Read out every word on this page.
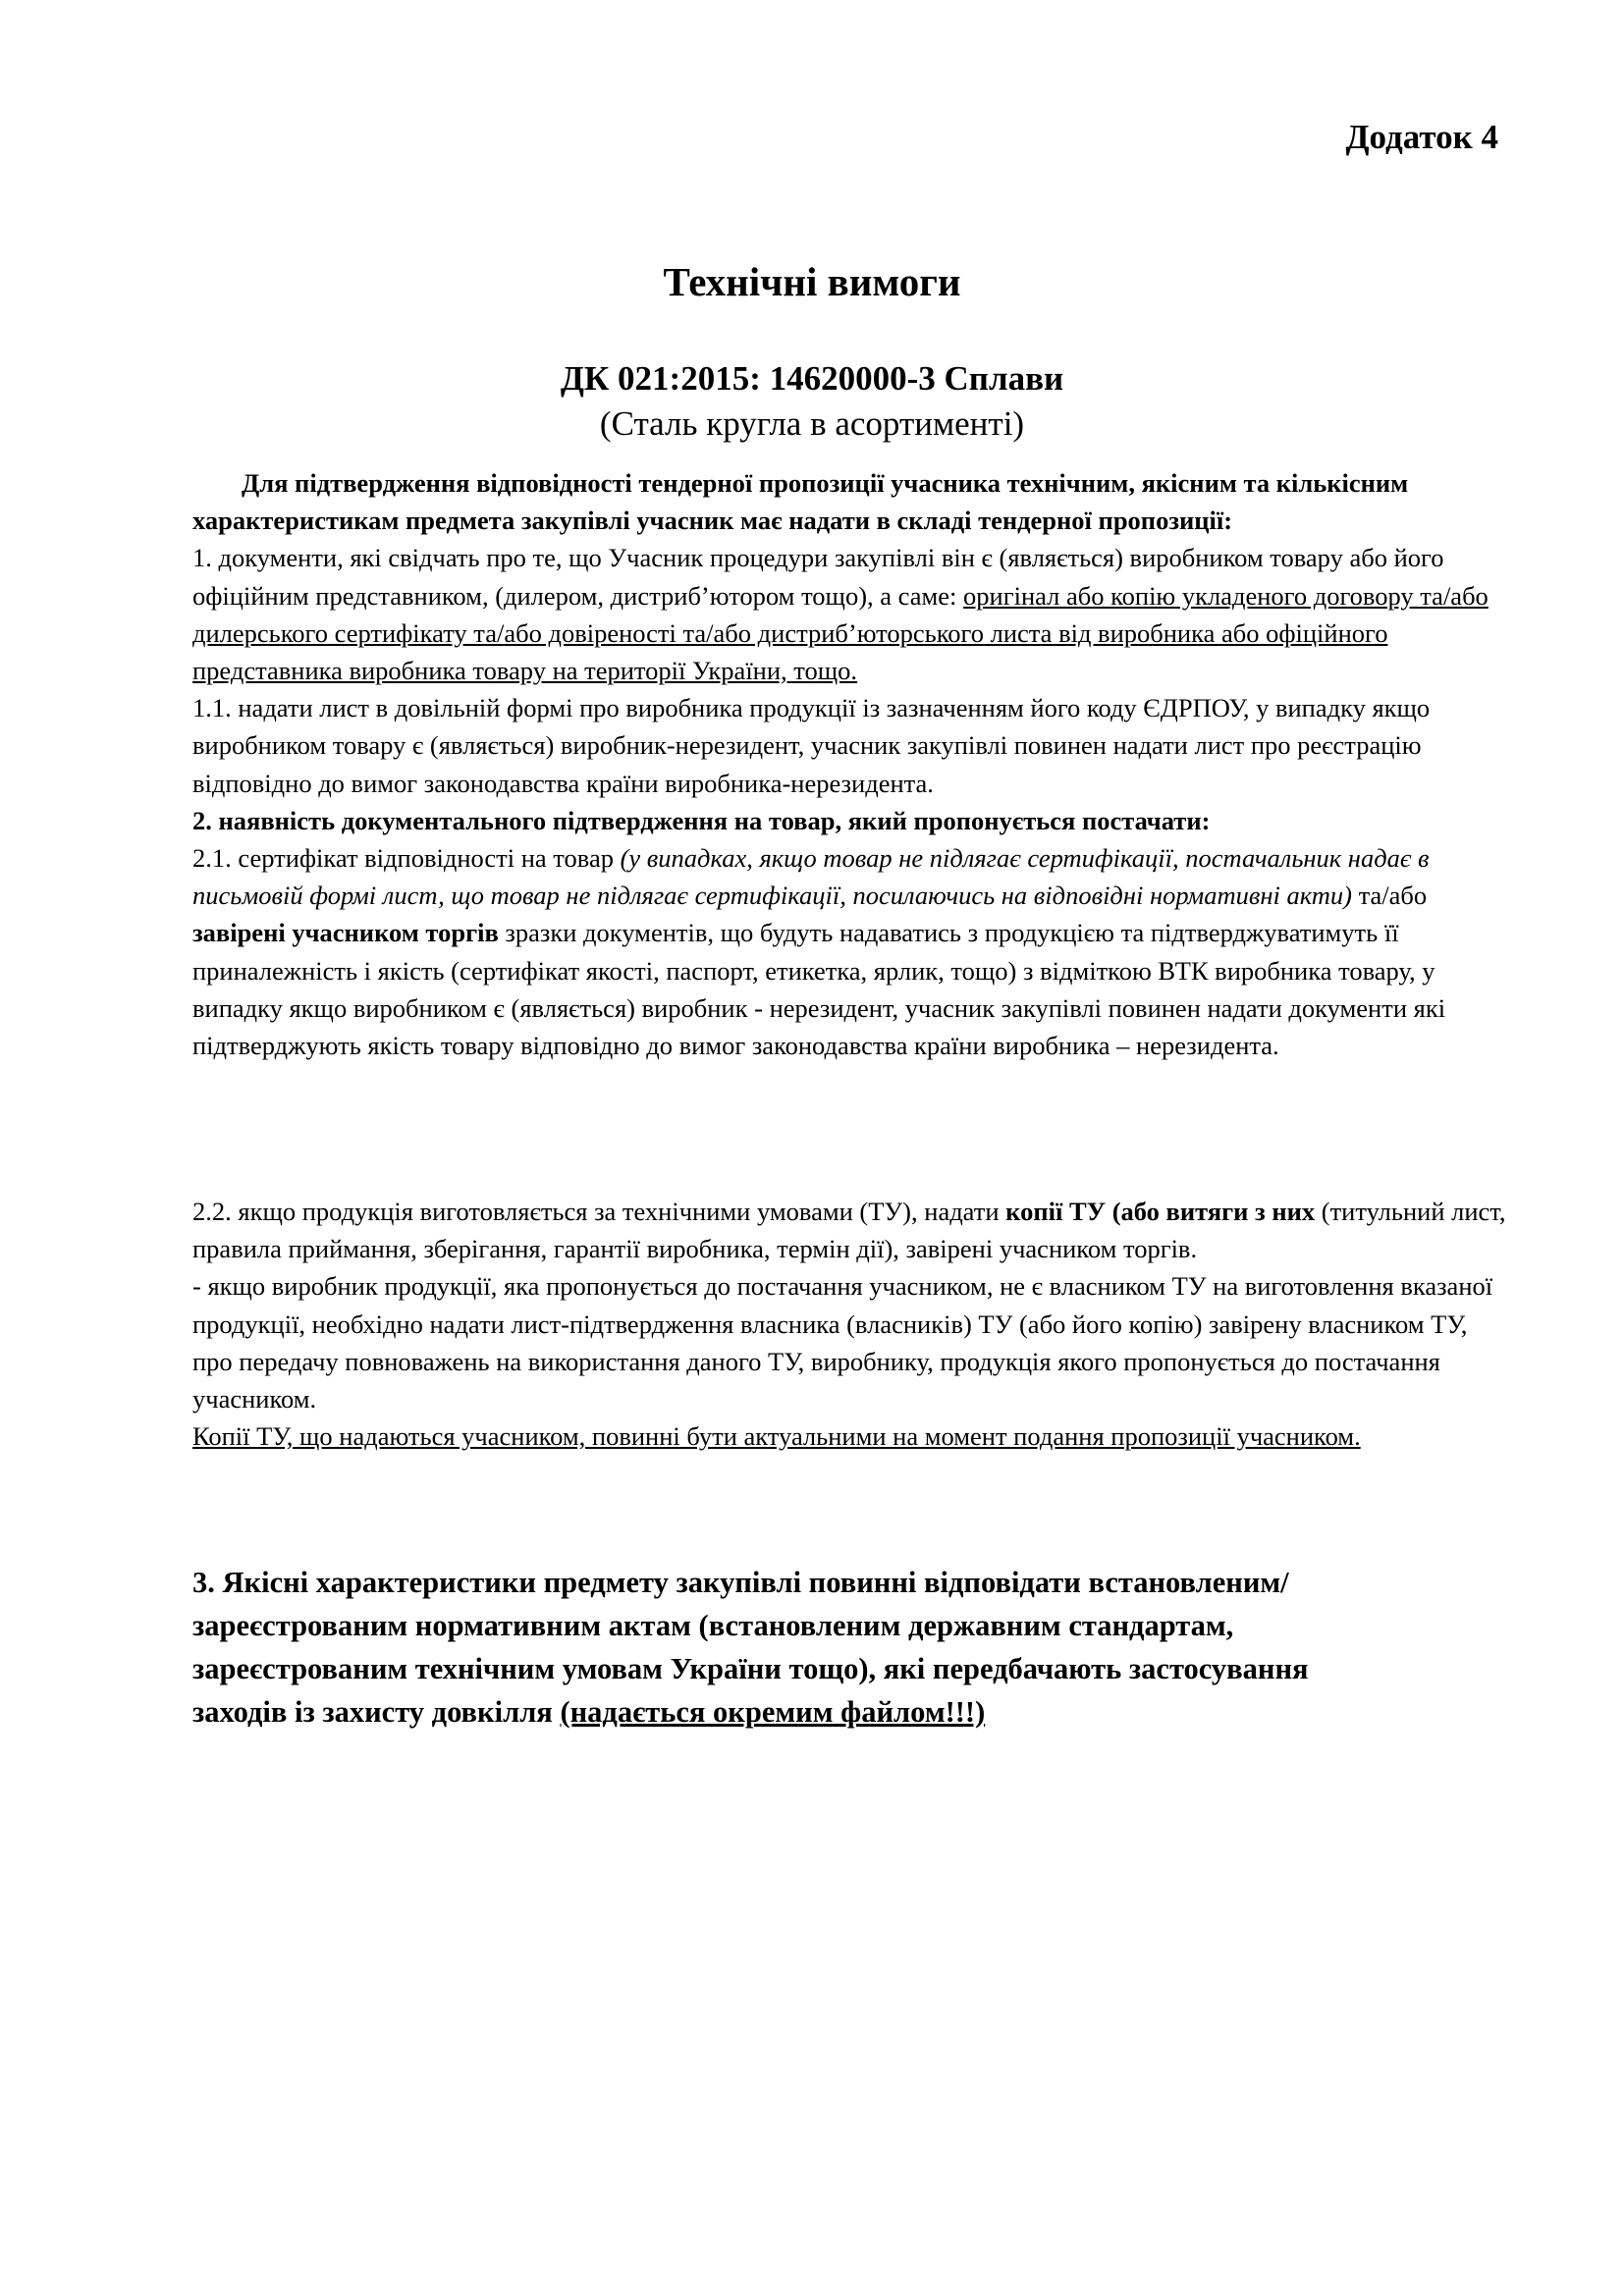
Додаток 4

Технічні вимоги

ДК 021:2015: 14620000-3 Сплави

(Сталь кругла в асортименті)

Для підтвердження відповідності тендерної пропозиції учасника технічним, якісним та кількісним характеристикам предмета закупівлі учасник має надати в складі тендерної пропозиції:

1. документи, які свідчать про те, що Учасник процедури закупівлі він є (являється) виробником товару або його офіційним представником, (дилером, дистриб’ютором тощо), а саме: оригінал або копію укладеного договору та/або дилерського сертифікату та/або довіреності та/або дистриб’юторського листа від виробника або офіційного представника виробника товару на території України, тощо.

1.1. надати лист в довільній формі про виробника продукції із зазначенням його коду ЄДРПОУ, у випадку якщо виробником товару є (являється) виробник-нерезидент, учасник закупівлі повинен надати лист про реєстрацію відповідно до вимог законодавства країни виробника-нерезидента.

2. наявність документального підтвердження на товар, який пропонується постачати:

2.1. сертифікат відповідності на товар (у випадках, якщо товар не підлягає сертифікації, постачальник надає в письмовій формі лист, що товар не підлягає сертифікації, посилаючись на відповідні нормативні акти) та/або завірені учасником торгів зразки документів, що будуть надаватись з продукцією та підтверджуватимуть її приналежність і якість (сертифікат якості, паспорт, етикетка, ярлик, тощо) з відміткою ВТК виробника товару, у випадку якщо виробником є (являється) виробник - нерезидент, учасник закупівлі повинен надати документи які підтверджують якість товару відповідно до вимог законодавства країни виробника – нерезидента.

2.2. якщо продукція виготовляється за технічними умовами (ТУ), надати копії ТУ (або витяги з них (титульний лист, правила приймання, зберігання, гарантії виробника, термін дії), завірені учасником торгів.

- якщо виробник продукції, яка пропонується до постачання учасником, не є власником ТУ на виготовлення вказаної продукції, необхідно надати лист-підтвердження власника (власників) ТУ (або його копію) завірену власником ТУ, про передачу повноважень на використання даного ТУ, виробнику, продукція якого пропонується до постачання учасником.

Копії ТУ, що надаються учасником, повинні бути актуальними на момент подання пропозиції учасником.

3. Якісні характеристики предмету закупівлі повинні відповідати встановленим/зареєстрованим нормативним актам (встановленим державним стандартам, зареєстрованим технічним умовам України тощо), які передбачають застосування заходів із захисту довкілля (надається окремим файлом!!!)
